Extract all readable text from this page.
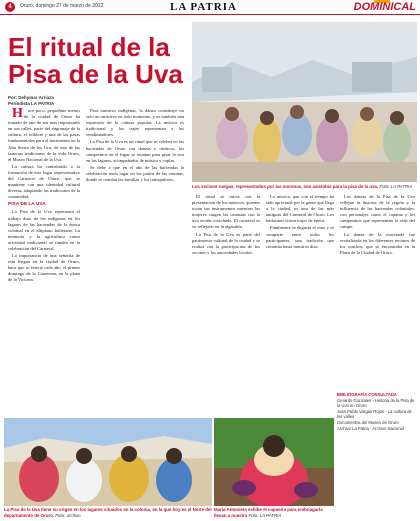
4	Oruro, domingo 27 de marzo de 2022	LA PATRIA	DOMINICAL
El ritual de la Pisa de la Uva
Por: Dehymar Arriaza
Periodista LA PATRIA
Los vecinos ruegan, representados por las morenas, son asistidos para la pisa de la uva. Foto: LA PATRIA

Hace poco, pequeñine menos de la ciudad de Oruro ha tomado de uno de sus mas importantes en sus calles, parte del engranaje de la cultura, el folklore y una de las pasas fundamentales para el nacimiento en la Alta Sierra de los Uru, de una de las famosas tradiciones de la vida Oruro, el Museo Nacional de la Uva.

La cultura ha contribuido a la formación de este lugar representativo del Carnaval de Oruro, que se mantiene con una identidad cultural diversa, adaptando las tradiciones de la comunidad.

PISA DE LA UVA

La Pisa de la Uva representa el trabajo duro de los indígenas en los lagares de las haciendas de la época colonial en el altiplano boliviano. La memoria y la agricultura como actividad tradicional se funden en la celebración del Carnaval.

La importancia de una señorita de esta lengua en la ciudad de Oruro, hace que se festeje cada año, el primer domingo de la Cuaresma, en la plaza de la Victoria.

Para nuestros indígenas, la danza constituye no solo un atractivo en todo momento, y es también una expresión de la cultura popular. La música es tradicional y los trajes representan a los vendimiadores.

La Pisa de la Uva es un ritual que se celebra en las haciendas de Oruro con danzas y cánticos, los campesinos en el lugar se reunían para pisar la uva en los lagares, acompañados de música y coplas.

Se debe a que en el año de las haciendas la celebración tenía lugar en los patios de las casonas, donde se reunían las familias y los trabajadores.

El ritual se inicia con la presentación de los músicos, quienes tocan sus instrumentos mientras las mujeres cargan las canastas con la uva recién cosechada. El carnaval se ve reflejado en la algarabía.

La Pisa de la Uva es parte del patrimonio cultural de la ciudad y se realiza con la participación de los vecinos y las autoridades locales.

La música, que con el tiempo ha sido apreciada por la gente que llega a la ciudad, es una de las más antiguas del Carnaval de Oruro. Los bailarines visten trajes de época.

Finalmente se degusta el vino y se comparte entre todos los participantes, una tradición que continúa hasta nuestros días.

Las danzas de la Pisa de la Uva reflejan la historia de la región y la influencia de las haciendas coloniales, con personajes como el capataz y los campesinos que representan la vida del campo.

La danza de la morenada fue revitalizada en los diferentes recintos de los ranchos, que se encontraba en la Plaza de la Ciudad de Oruro.

BIBLIOGRAFÍA CONSULTADA
Gerardo Gonzales - Historia de la Pisa de la Uva en Oruro
Juan Pablo Vargas Rojas - La cultura de los valles
Documentos del Museo de Oruro
Archivo La Patria - Archivo Nacional
La Pisa de la Uva tiene su origen en los lagares situados en la colonia, en la que hoy es el Norte del departamento de Oruro. Foto: archivo
María Antonieta exhibe el capoeira para embriagarla llevan a nuestra Foto: LA PATRIA
